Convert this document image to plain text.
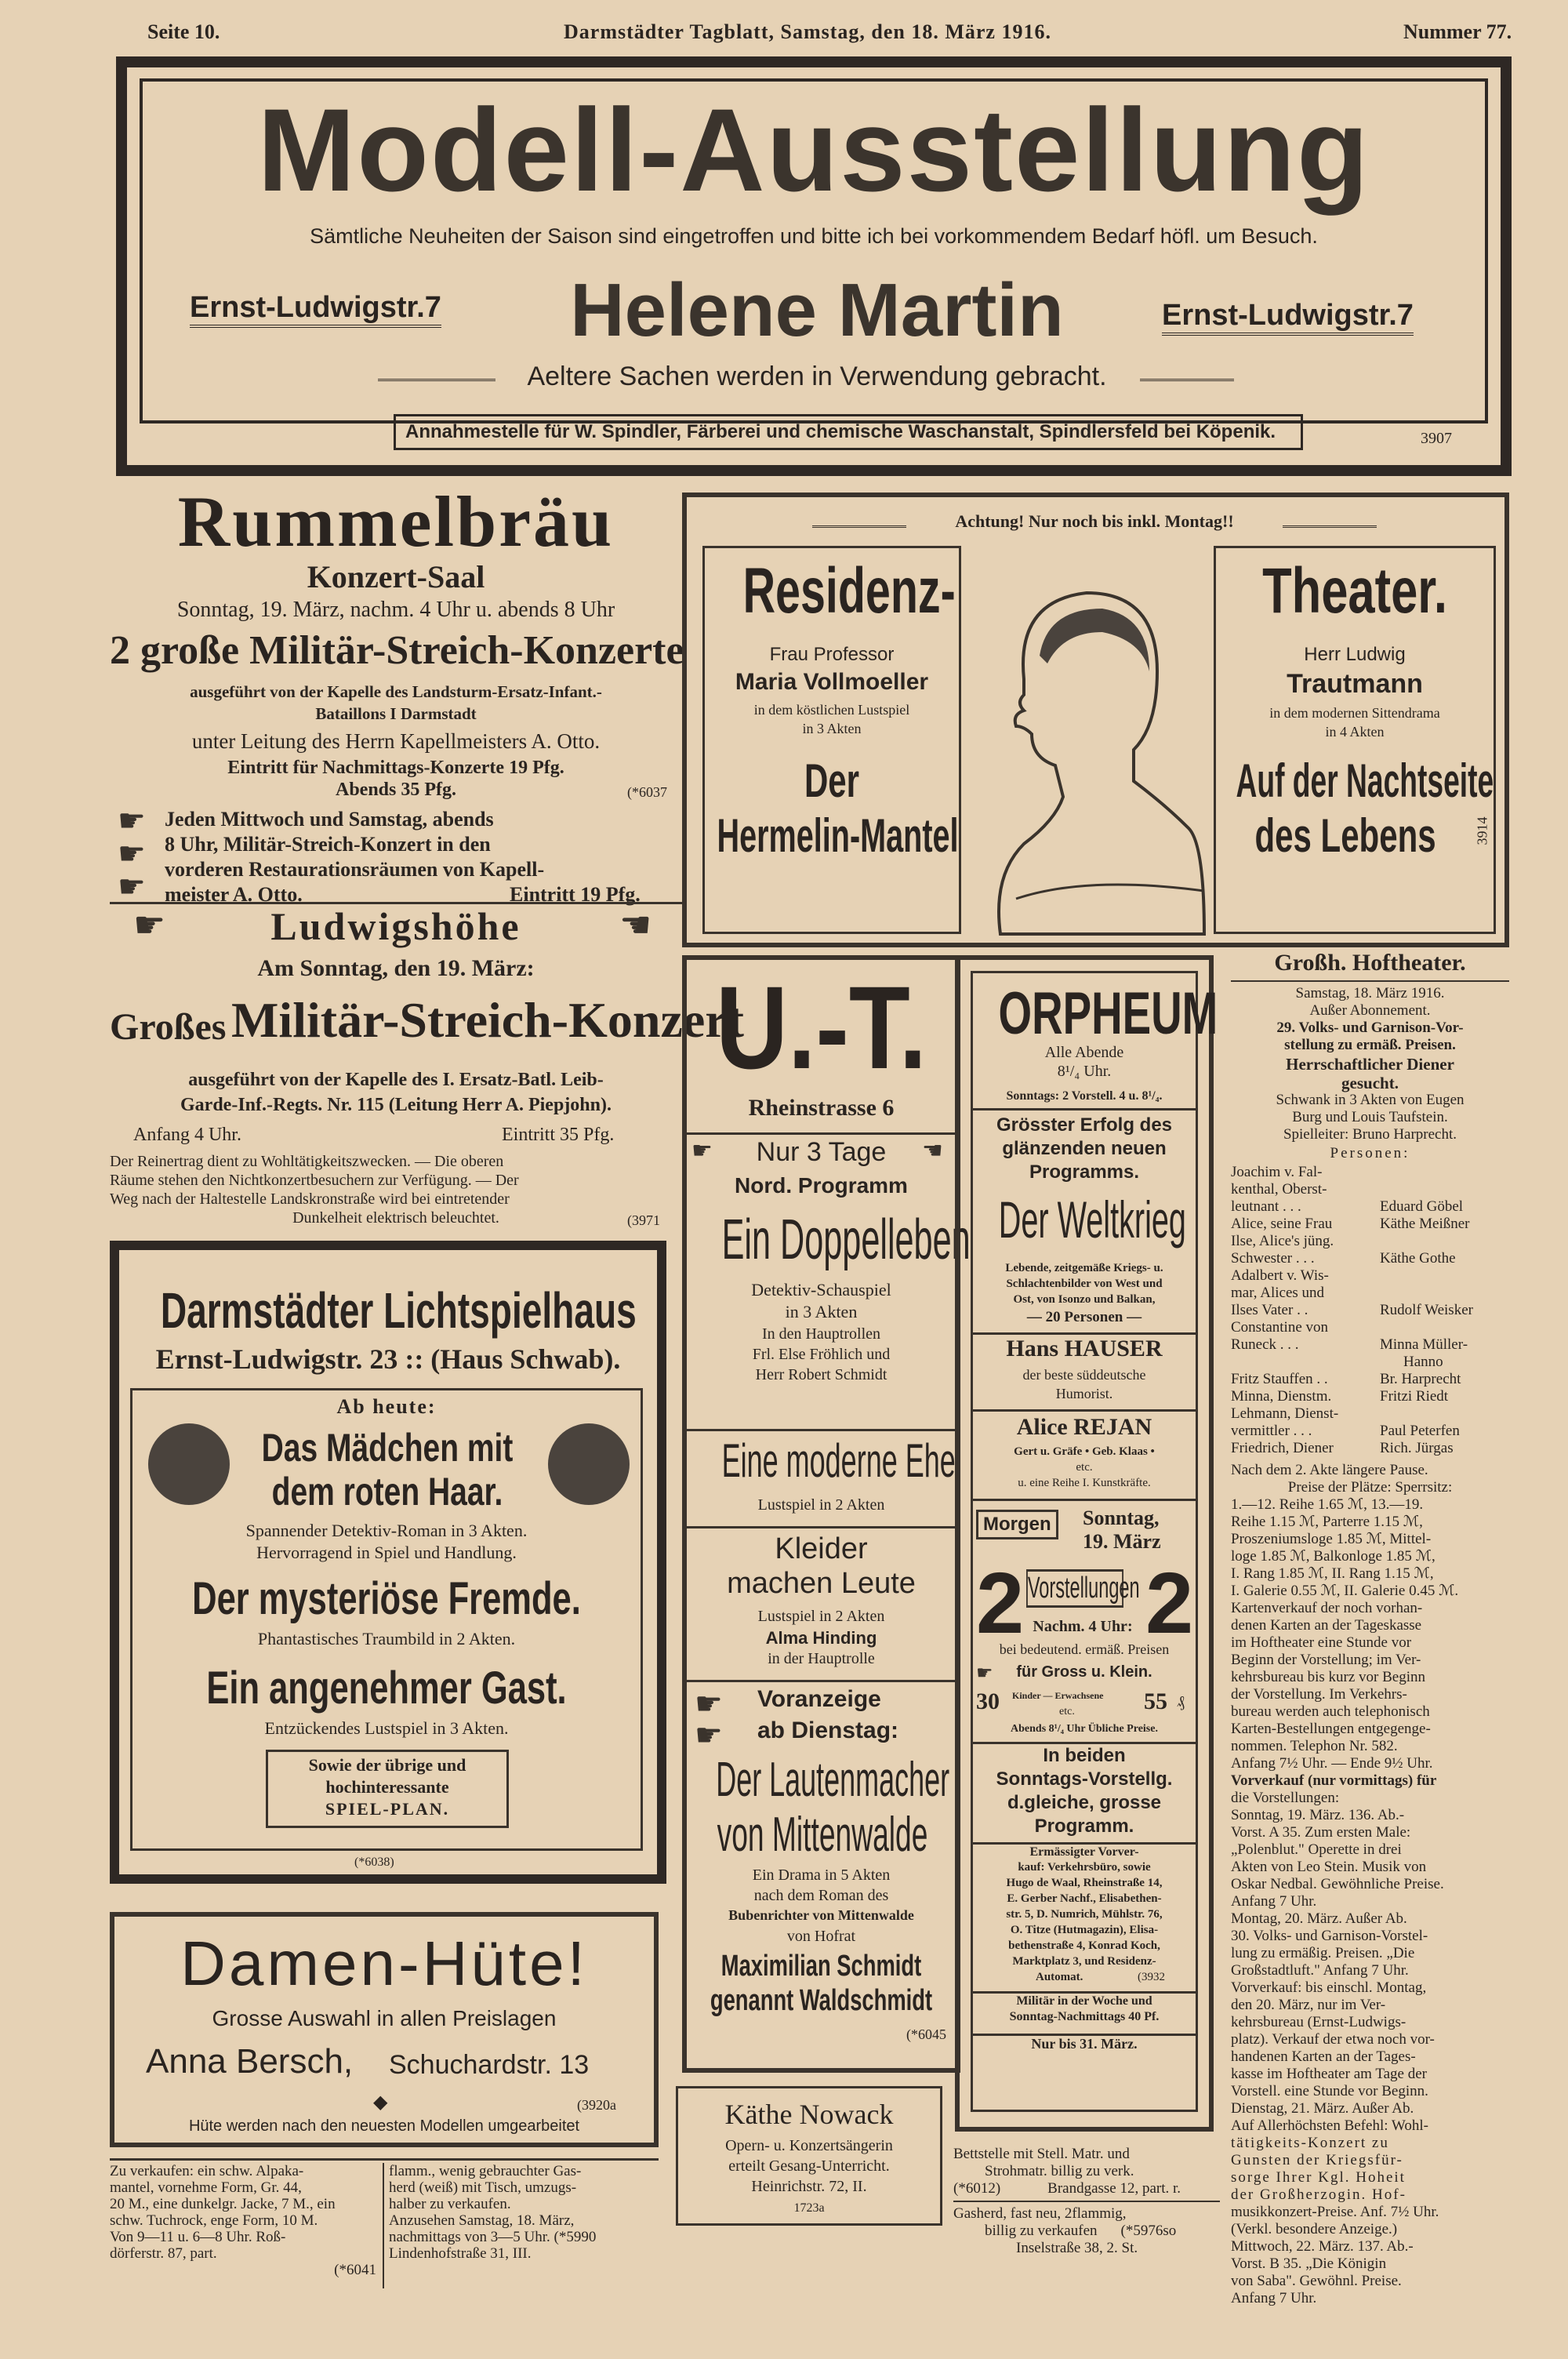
Seite 10.	Darmstädter Tagblatt, Samstag, den 18. März 1916.	Nummer 77.
Modell-Ausstellung
Sämtliche Neuheiten der Saison sind eingetroffen und bitte ich bei vorkommendem Bedarf höfl. um Besuch.
Ernst-Ludwigstr.7	Helene Martin	Ernst-Ludwigstr.7
Aeltere Sachen werden in Verwendung gebracht.
Annahmestelle für W. Spindler, Färberei und chemische Waschanstalt, Spindlersfeld bei Köpenik.	3907
Rummelbräu
Konzert-Saal
Sonntag, 19. März, nachm. 4 Uhr u. abends 8 Uhr
2 große Militär-Streich-Konzerte
ausgeführt von der Kapelle des Landsturm-Ersatz-Infant.-
Bataillons I Darmstadt
unter Leitung des Herrn Kapellmeisters A. Otto.
Eintritt für Nachmittags-Konzerte 19 Pfg.
Abends 35 Pfg.	(*6037
☛
☛
☛
Jeden Mittwoch und Samstag, abends
8 Uhr, Militär-Streich-Konzert in den
vorderen Restaurationsräumen von Kapell-
meister A. Otto.	Eintritt 19 Pfg.
☛	Ludwigshöhe	☚
Am Sonntag, den 19. März:
Großes Militär-Streich-Konzert
ausgeführt von der Kapelle des I. Ersatz-Batl. Leib-
Garde-Inf.-Regts. Nr. 115 (Leitung Herr A. Piepjohn).
Anfang 4 Uhr.	Eintritt 35 Pfg.
Der Reinertrag dient zu Wohltätigkeitszwecken. — Die oberen
Räume stehen den Nichtkonzertbesuchern zur Verfügung. — Der
Weg nach der Haltestelle Landskronstraße wird bei eintretender
Dunkelheit elektrisch beleuchtet.	(3971
Achtung! Nur noch bis inkl. Montag!!
Residenz-
Frau Professor
Maria Vollmoeller
in dem köstlichen Lustspiel
in 3 Akten
Der
Hermelin-Mantel
Theater.
Herr Ludwig
Trautmann
in dem modernen Sittendrama
in 4 Akten
Auf der Nachtseite
des Lebens	3914
U.-T.
Rheinstrasse 6
☛	Nur 3 Tage	☚
Nord. Programm
Ein Doppelleben
Detektiv-Schauspiel
in 3 Akten
In den Hauptrollen
Frl. Else Fröhlich und
Herr Robert Schmidt
Eine moderne Ehe
Lustspiel in 2 Akten
Kleider
machen Leute
Lustspiel in 2 Akten
Alma Hinding
in der Hauptrolle
☛ Voranzeige
☛ ab Dienstag:
Der Lautenmacher
von Mittenwalde
Ein Drama in 5 Akten
nach dem Roman des
Bubenrichter von Mittenwalde
von Hofrat
Maximilian Schmidt
genannt Waldschmidt
(*6045
ORPHEUM
Alle Abende
8¹/₄ Uhr.
Sonntags: 2 Vorstell. 4 u. 8¹/₄.
Grösster Erfolg des
glänzenden neuen
Programms.
Der Weltkrieg
Lebende, zeitgemäße Kriegs- u.
Schlachtenbilder von West und
Ost, von Isonzo und Balkan,
— 20 Personen —
Hans HAUSER
der beste süddeutsche
Humorist.
Alice REJAN
Gert u. Gräfe • Geb. Klaas •
etc.
u. eine Reihe I. Kunstkräfte.
Morgen	Sonntag,
19. März
2 Vorstellungen 2
Nachm. 4 Uhr:
bei bedeutend. ermäß. Preisen
☛	für Gross u. Klein.
30 Kinder — Erwachsene
etc.	55 ₰
Abends 8¹/₄ Uhr Übliche Preise.
In beiden
Sonntags-Vorstellg.
d.gleiche, grosse
Programm.
Ermässigter Vorver-
kauf: Verkehrsbüro, sowie
Hugo de Waal, Rheinstraße 14,
E. Gerber Nachf., Elisabethen-
str. 5, D. Numrich, Mühlstr. 76,
O. Titze (Hutmagazin), Elisa-
bethenstraße 4, Konrad Koch,
Marktplatz 3, und Residenz-
Automat.	(3932
Militär in der Woche und
Sonntag-Nachmittags 40 Pf.
Nur bis 31. März.
Großh. Hoftheater.
Samstag, 18. März 1916.
Außer Abonnement.
29. Volks- und Garnison-Vor-
stellung zu ermäß. Preisen.
Herrschaftlicher Diener
gesucht.
Schwank in 3 Akten von Eugen
Burg und Louis Taufstein.
Spielleiter: Bruno Harprecht.
Personen:
Joachim v. Fal-
kenthal, Oberst-
leutnant . . .	Eduard Göbel
Alice, seine Frau	Käthe Meißner
Ilse, Alice's jüng.
Schwester . . .	Käthe Gothe
Adalbert v. Wis-
mar, Alices und
Ilses Vater . .	Rudolf Weisker
Constantine von
Runeck . . .	Minna Müller-
Hanno
Fritz Stauffen . .	Br. Harprecht
Minna, Dienstm.	Fritzi Riedt
Lehmann, Dienst-
vermittler . . .	Paul Peterfen
Friedrich, Diener	Rich. Jürgas
Nach dem 2. Akte längere Pause.
Preise der Plätze: Sperrsitz:
1.—12. Reihe 1.65 ℳ, 13.—19.
Reihe 1.15 ℳ, Parterre 1.15 ℳ,
Proszeniumsloge 1.85 ℳ, Mittel-
loge 1.85 ℳ, Balkonloge 1.85 ℳ,
I. Rang 1.85 ℳ, II. Rang 1.15 ℳ,
I. Galerie 0.55 ℳ, II. Galerie 0.45 ℳ.
Kartenverkauf der noch vorhan-
denen Karten an der Tageskasse
im Hoftheater eine Stunde vor
Beginn der Vorstellung; im Ver-
kehrsbureau bis kurz vor Beginn
der Vorstellung. Im Verkehrs-
bureau werden auch telephonisch
Karten-Bestellungen entgegenge-
nommen. Telephon Nr. 582.
Anfang 7½ Uhr. — Ende 9½ Uhr.
Vorverkauf (nur vormittags) für
die Vorstellungen:
Sonntag, 19. März. 136. Ab.-
Vorst. A 35. Zum ersten Male:
„Polenblut." Operette in drei
Akten von Leo Stein. Musik von
Oskar Nedbal. Gewöhnliche Preise.
Anfang 7 Uhr.
Montag, 20. März. Außer Ab.
30. Volks- und Garnison-Vorstel-
lung zu ermäßig. Preisen. „Die
Großstadtluft." Anfang 7 Uhr.
Vorverkauf: bis einschl. Montag,
den 20. März, nur im Ver-
kehrsbureau (Ernst-Ludwigs-
platz). Verkauf der etwa noch vor-
handenen Karten an der Tages-
kasse im Hoftheater am Tage der
Vorstell. eine Stunde vor Beginn.
Dienstag, 21. März. Außer Ab.
Auf Allerhöchsten Befehl: Wohl-
tätigkeits-Konzert zu
Gunsten der Kriegsfür-
sorge Ihrer Kgl. Hoheit
der Großherzogin. Hof-
musikkonzert-Preise. Anf. 7½ Uhr.
(Verkl. besondere Anzeige.)
Mittwoch, 22. März. 137. Ab.-
Vorst. B 35. „Die Königin
von Saba". Gewöhnl. Preise.
Anfang 7 Uhr.
Darmstädter Lichtspielhaus
Ernst-Ludwigstr. 23 :: (Haus Schwab).
Ab heute:
Das Mädchen mit
dem roten Haar.
Spannender Detektiv-Roman in 3 Akten.
Hervorragend in Spiel und Handlung.
Der mysteriöse Fremde.
Phantastisches Traumbild in 2 Akten.
Ein angenehmer Gast.
Entzückendes Lustspiel in 3 Akten.
Sowie der übrige und
hochinteressante
SPIEL-PLAN.
(*6038)
Damen-Hüte!
Grosse Auswahl in allen Preislagen
Anna Bersch, Schuchardstr. 13
◆	(3920a
Hüte werden nach den neuesten Modellen umgearbeitet	Käthe Nowack
Opern- u. Konzertsängerin
erteilt Gesang-Unterricht.
Heinrichstr. 72, II.
1723a
Zu verkaufen: ein schw. Alpaka-
mantel, vornehme Form, Gr. 44,
20 M., eine dunkelgr. Jacke, 7 M., ein
schw. Tuchrock, enge Form, 10 M.
Von 9—11 u. 6—8 Uhr. Roß-
dörferstr. 87, part.
(*6041
flamm., wenig gebrauchter Gas-
herd (weiß) mit Tisch, umzugs-
halber zu verkaufen.
Anzusehen Samstag, 18. März,
nachmittags von 3—5 Uhr. (*5990
Lindenhofstraße 31, III.
Bettstelle mit Stell. Matr. und
Strohmatr. billig zu verk.
(*6012)	Brandgasse 12, part. r.
Gasherd, fast neu, 2flammig,
billig zu verkaufen (*5976so
Inselstraße 38, 2. St.
